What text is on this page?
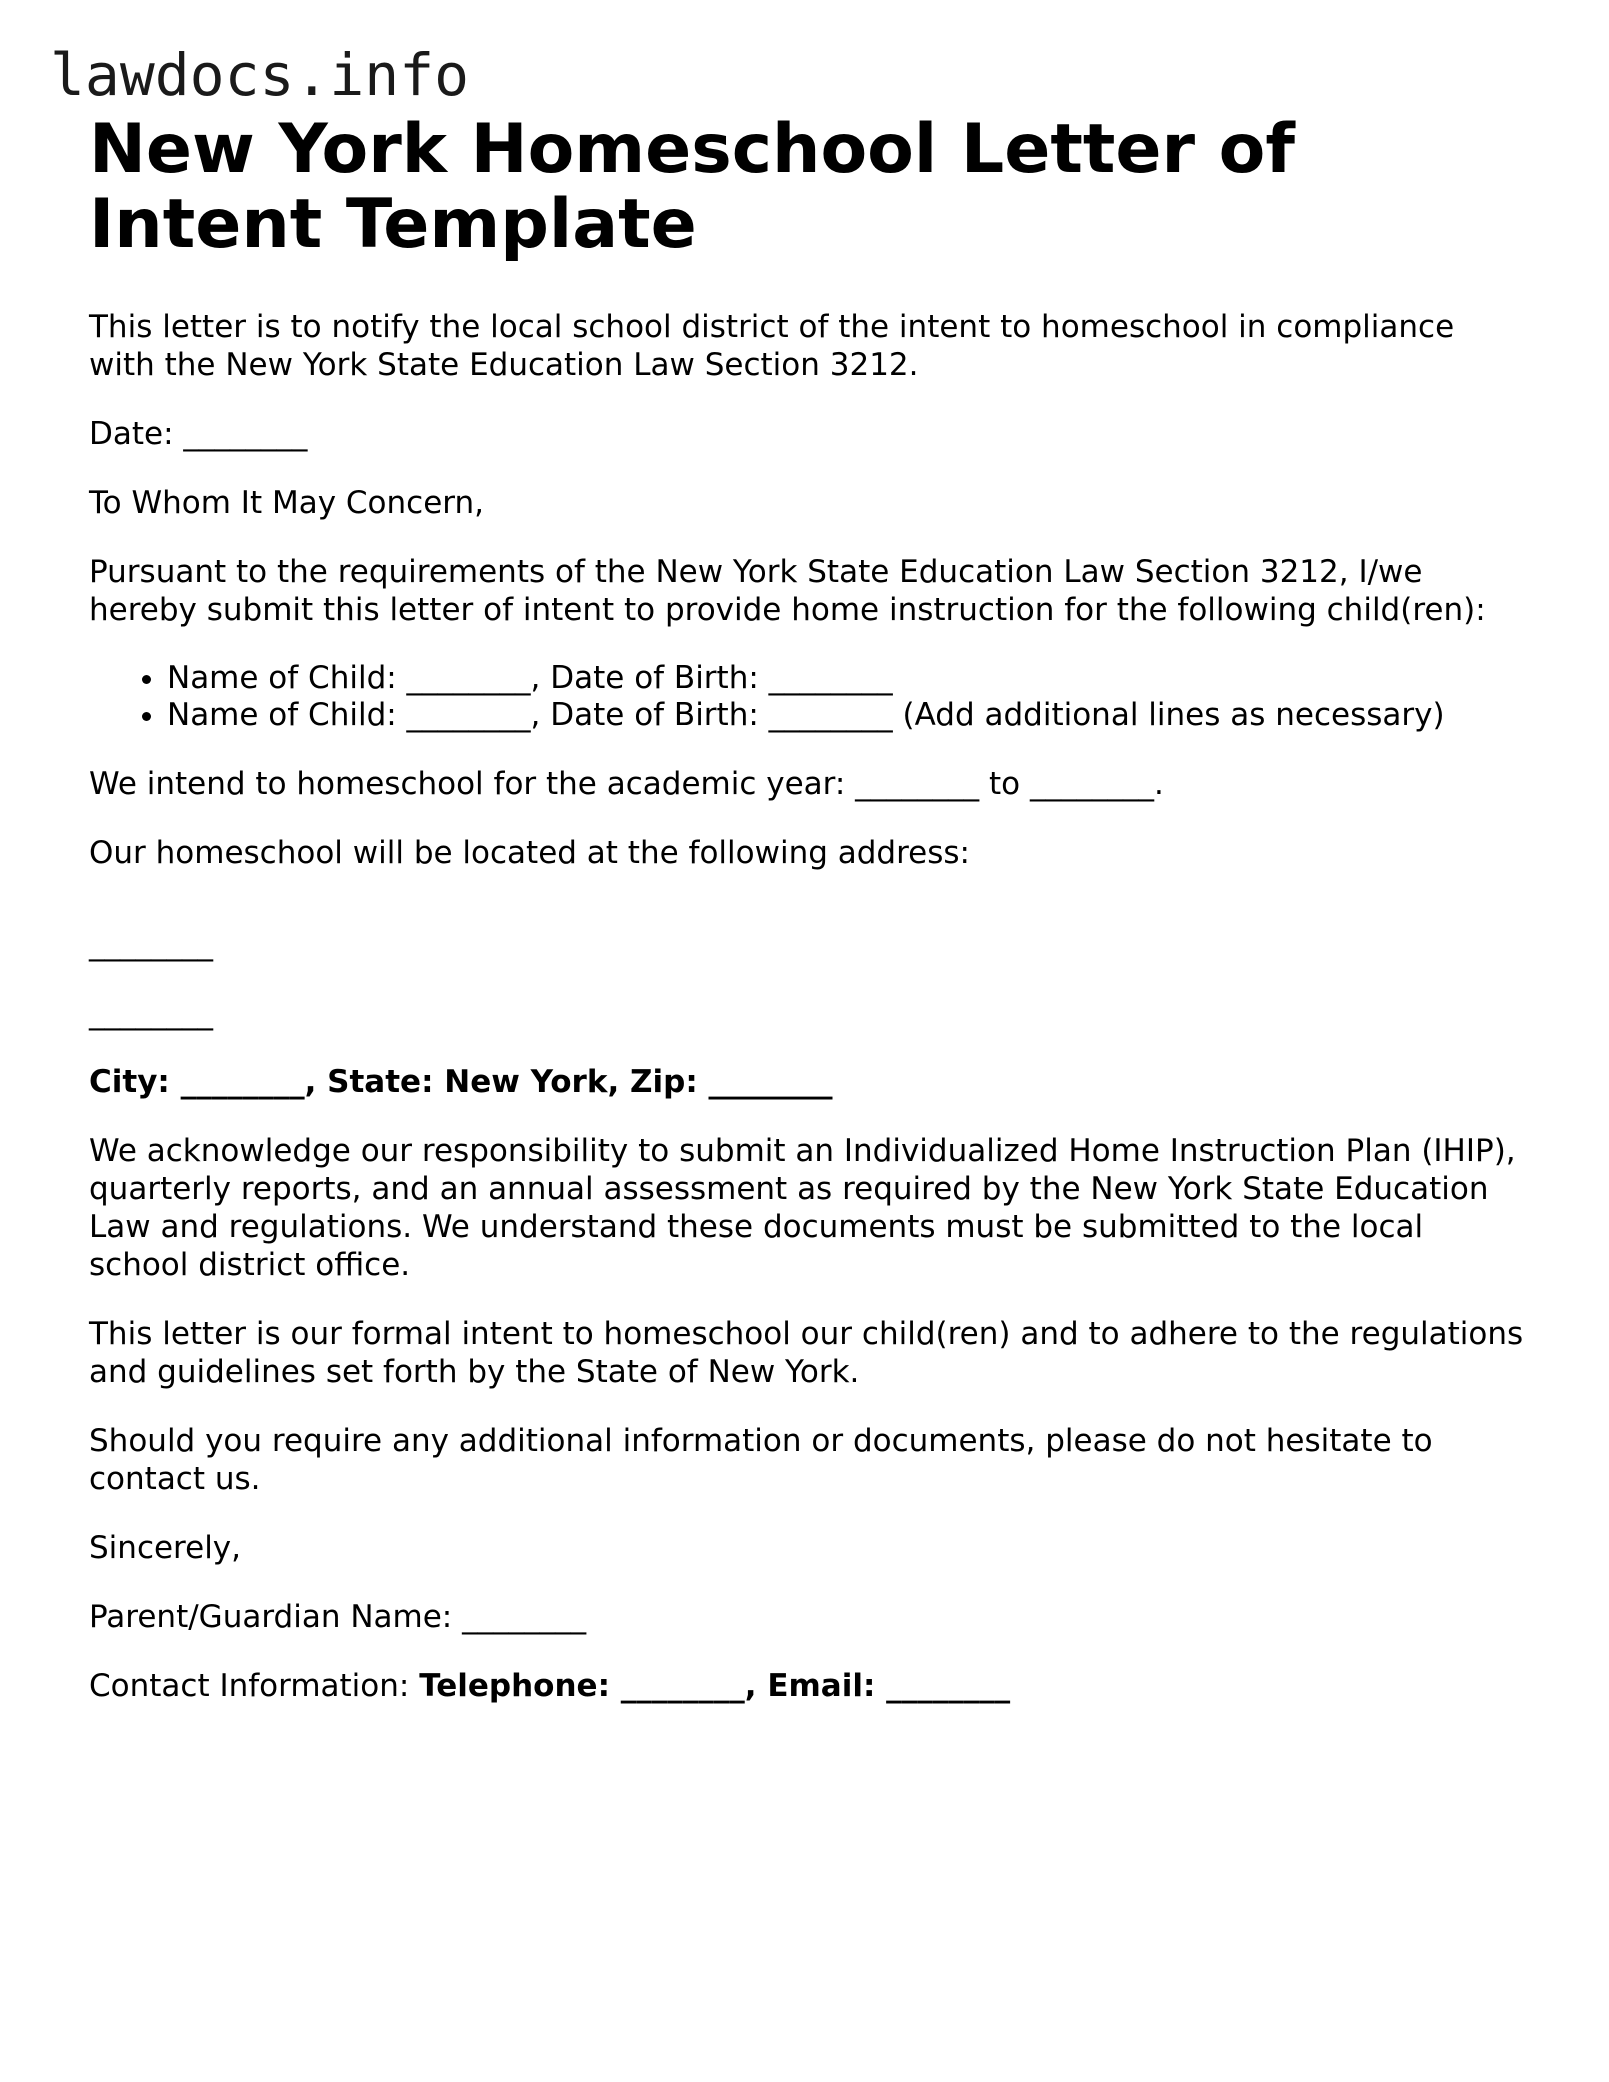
lawdocs.info
New York Homeschool Letter of Intent Template

This letter is to notify the local school district of the intent to homeschool in compliance with the New York State Education Law Section 3212.

Date: ________

To Whom It May Concern,

Pursuant to the requirements of the New York State Education Law Section 3212, I/we hereby submit this letter of intent to provide home instruction for the following child(ren):

• Name of Child: ________, Date of Birth: ________
• Name of Child: ________, Date of Birth: ________ (Add additional lines as necessary)

We intend to homeschool for the academic year: ________ to ________.

Our homeschool will be located at the following address:

________
________

City: ________, State: New York, Zip: ________

We acknowledge our responsibility to submit an Individualized Home Instruction Plan (IHIP), quarterly reports, and an annual assessment as required by the New York State Education Law and regulations. We understand these documents must be submitted to the local school district office.

This letter is our formal intent to homeschool our child(ren) and to adhere to the regulations and guidelines set forth by the State of New York.

Should you require any additional information or documents, please do not hesitate to contact us.

Sincerely,

Parent/Guardian Name: ________

Contact Information: Telephone: ________, Email: ________
